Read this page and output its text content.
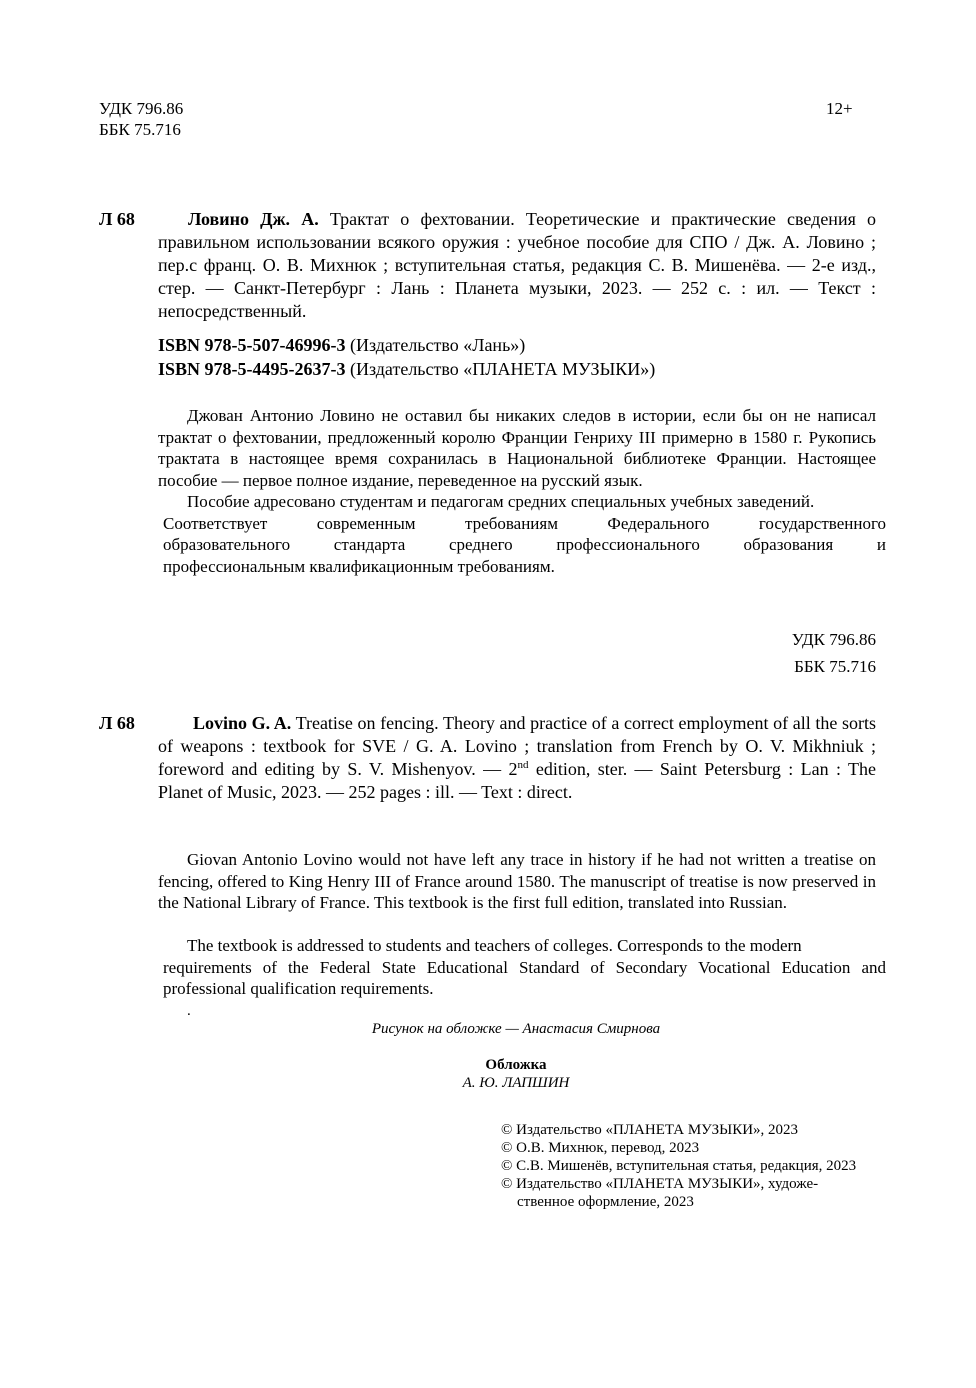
УДК 796.86
ББК 75.716
12+
Л 68	Ловино Дж. А. Трактат о фехтовании. Теоретические и практические сведения о правильном использовании всякого оружия : учебное пособие для СПО / Дж. А. Ловино ; пер.с франц. О. В. Михнюк ; вступительная статья, редакция С. В. Мишенёва. — 2-е изд., стер. — Санкт-Петербург : Лань : Планета музыки, 2023. — 252 с. : ил. — Текст : непосредственный.
ISBN 978-5-507-46996-3 (Издательство «Лань»)
ISBN 978-5-4495-2637-3 (Издательство «ПЛАНЕТА МУЗЫКИ»)
Джован Антонио Ловино не оставил бы никаких следов в истории, если бы он не написал трактат о фехтовании, предложенный королю Франции Генриху III примерно в 1580 г. Рукопись трактата в настоящее время сохранилась в Национальной библиотеке Франции. Настоящее пособие — первое полное издание, переведенное на русский язык.
Пособие адресовано студентам и педагогам средних специальных учебных заведений.
Соответствует современным требованиям Федерального государственного
образовательного стандарта среднего профессионального образования и
профессиональным квалификационным требованиям.
УДК 796.86
ББК 75.716
Л 68	Lovino G. A. Treatise on fencing. Theory and practice of a correct employment of all the sorts of weapons : textbook for SVE / G. A. Lovino ; translation from French by O. V. Mikhniuk ; foreword and editing by S. V. Mishenyov. — 2nd edition, ster. — Saint Petersburg : Lan : The Planet of Music, 2023. — 252 pages : ill. — Text : direct.
Giovan Antonio Lovino would not have left any trace in history if he had not written a treatise on fencing, offered to King Henry III of France around 1580. The manuscript of treatise is now preserved in the National Library of France. This textbook is the first full edition, translated into Russian.
The textbook is addressed to students and teachers of colleges. Corresponds to the modern
requirements of the Federal State Educational Standard of Secondary Vocational Education and
professional qualification requirements.
.
Рисунок на обложке — Анастасия Смирнова
Обложка
А. Ю. ЛАПШИН
© Издательство «ПЛАНЕТА МУЗЫКИ», 2023
© О.В. Михнюк, перевод, 2023
© С.В. Мишенёв, вступительная статья, редакция, 2023
© Издательство «ПЛАНЕТА МУЗЫКИ», художе-
ственное оформление, 2023
